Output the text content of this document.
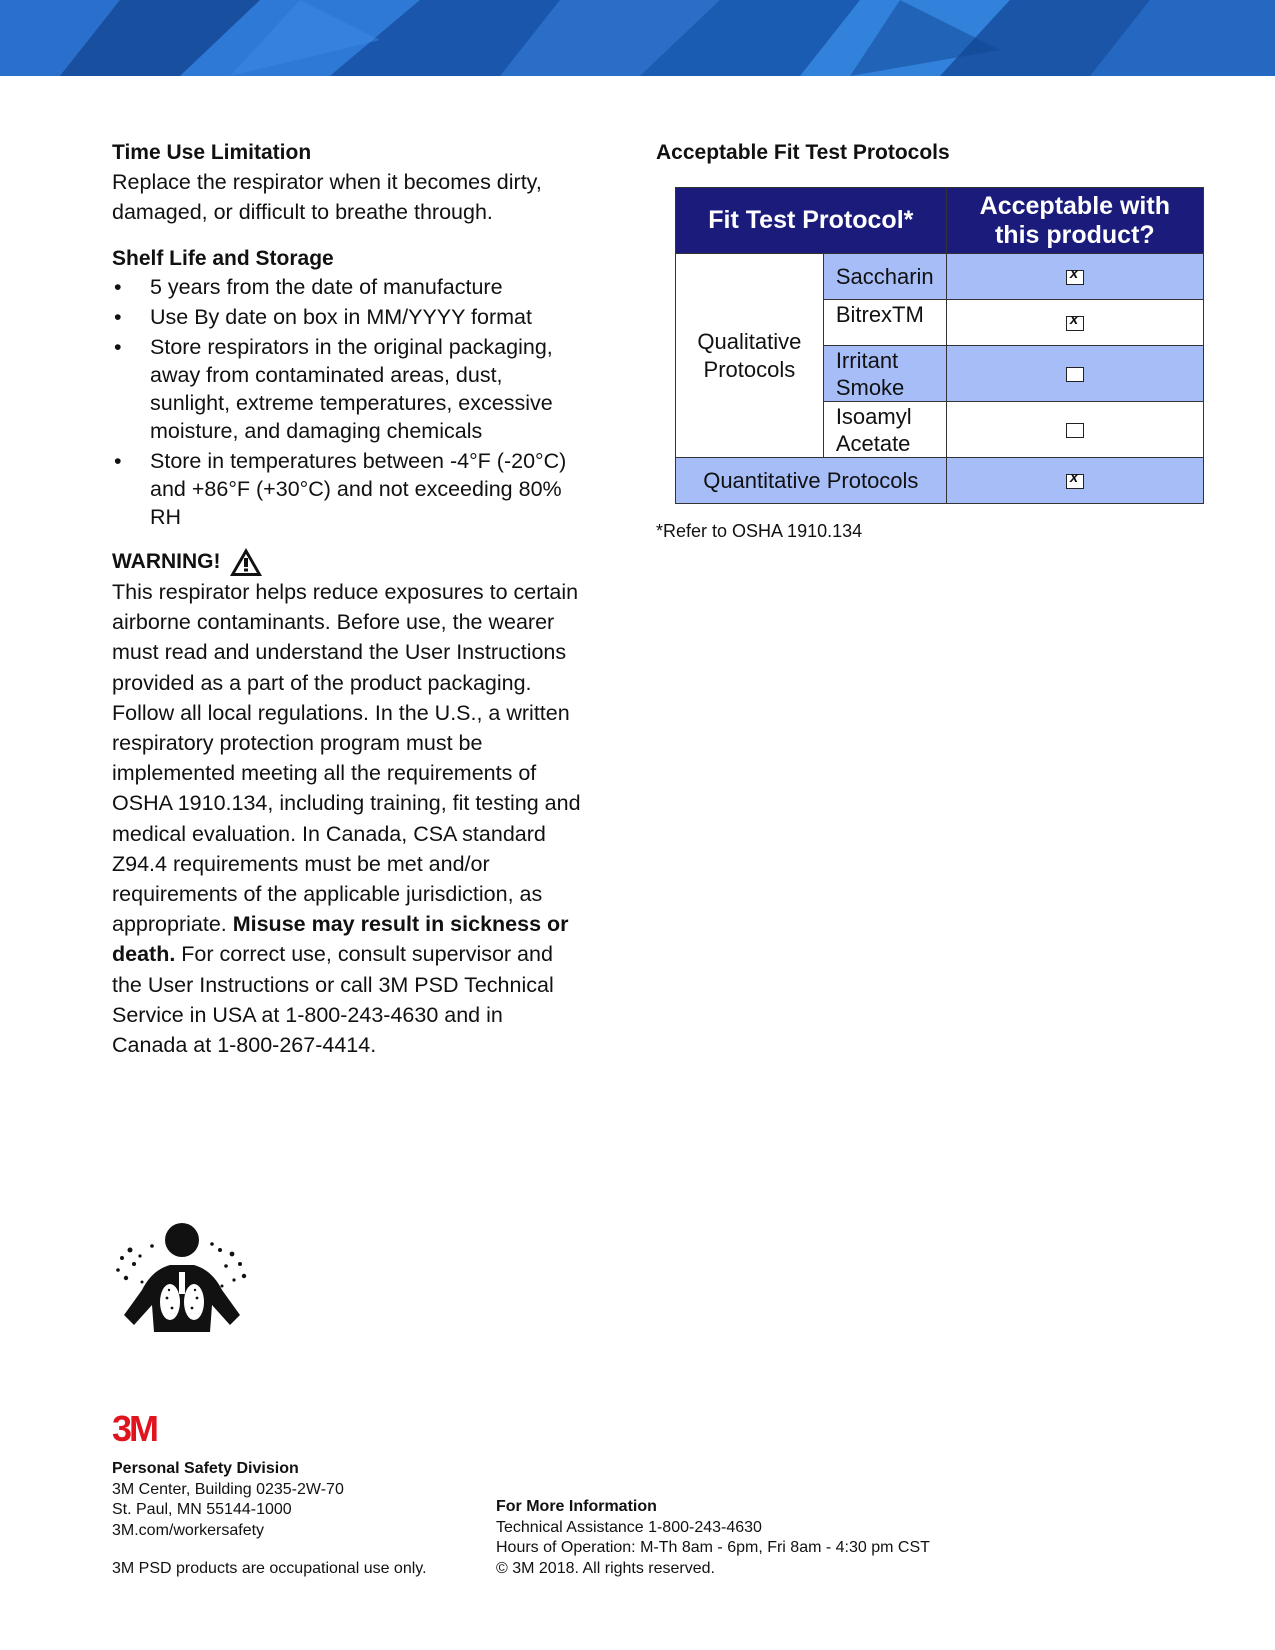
Time Use Limitation

Replace the respirator when it becomes dirty, damaged, or difficult to breathe through.

Shelf Life and Storage
• 5 years from the date of manufacture
• Use By date on box in MM/YYYY format
• Store respirators in the original packaging, away from contaminated areas, dust, sunlight, extreme temperatures, excessive moisture, and damaging chemicals
• Store in temperatures between -4°F (-20°C) and +86°F (+30°C) and not exceeding 80% RH
WARNING!

This respirator helps reduce exposures to certain airborne contaminants. Before use, the wearer must read and understand the User Instructions provided as a part of the product packaging. Follow all local regulations. In the U.S., a written respiratory protection program must be implemented meeting all the requirements of OSHA 1910.134, including training, fit testing and medical evaluation. In Canada, CSA standard Z94.4 requirements must be met and/or requirements of the applicable jurisdiction, as appropriate. Misuse may result in sickness or death. For correct use, consult supervisor and the User Instructions or call 3M PSD Technical Service in USA at 1-800-243-4630 and in Canada at 1-800-267-4414.

Acceptable Fit Test Protocols
Fit Test Protocol*		Acceptable with this product?
Qualitative Protocols	Saccharin	x
	BitrexTM	x
	Irritant Smoke	
	Isoamyl Acetate	
Quantitative Protocols	x
*Refer to OSHA 1910.134
3M
Personal Safety Division
3M Center, Building 0235-2W-70
St. Paul, MN 55144-1000
3M.com/workersafety
3M PSD products are occupational use only.
For More Information
Technical Assistance 1-800-243-4630
Hours of Operation: M-Th 8am - 6pm, Fri 8am - 4:30 pm CST
© 3M 2018. All rights reserved.
